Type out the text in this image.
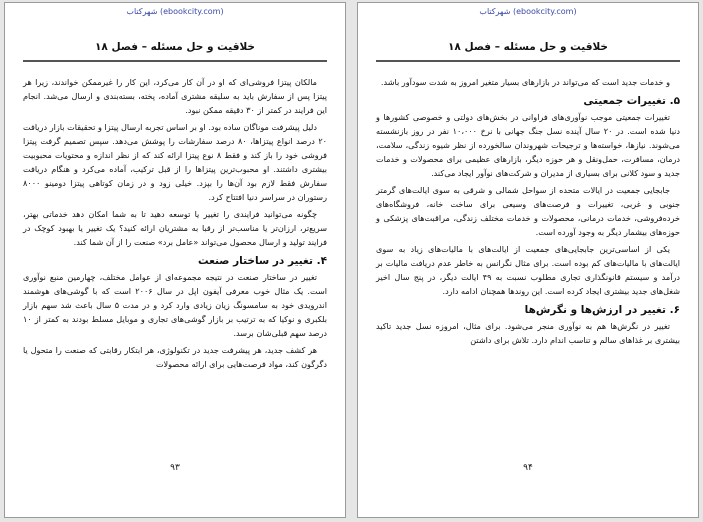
شهرکتاب (ebookcity.com)
خلاقیت و حل مسئله – فصل ۱۸

و خدمات جدید است که می‌تواند در بازارهای بسیار متغیر امروز به شدت سودآور باشد.

۵. تغییرات جمعیتی

تغییرات جمعیتی موجب نوآوری‌های فراوانی در بخش‌های دولتی و خصوصی کشورها و دنیا شده است. در ۲۰ سال آینده نسل جنگ جهانی با نرخ ۱۰،۰۰۰ نفر در روز بازنشسته می‌شوند. نیازها، خواسته‌ها و ترجیحات شهروندان سالخورده از نظر شیوه زندگی، سلامت، درمان، مسافرت، حمل‌ونقل و هر حوزه دیگر، بازارهای عظیمی برای محصولات و خدمات جدید و سود کلانی برای بسیاری از مدیران و شرکت‌های نوآور ایجاد می‌کند.

جابجایی جمعیت در ایالات متحده از سواحل شمالی و شرقی به سوی ایالت‌های گرمتر جنوبی و غربی، تغییرات و فرصت‌های وسیعی برای ساخت خانه، فروشگاه‌های خرده‌فروشی، خدمات درمانی، محصولات و خدمات مختلف زندگی، مراقبت‌های پزشکی و حوزه‌های بیشمار دیگر به وجود آورده است.

یکی از اساسی‌ترین جابجایی‌های جمعیت از ایالت‌های با مالیات‌های زیاد به سوی ایالت‌های با مالیات‌های کم بوده است. برای مثال نگرانس به خاطر عدم دریافت مالیات بر درآمد و سیستم قانونگذاری تجاری مطلوب نسبت به ۴۹ ایالت دیگر، در پنج سال اخیر شغل‌های جدید بیشتری ایجاد کرده است. این روندها همچنان ادامه دارد.

۶. تغییر در ارزش‌ها و نگرش‌ها

تغییر در نگرش‌ها هم به نوآوری منجر می‌شود. برای مثال، امروزه نسل جدید تاکید بیشتری بر غذاهای سالم و تناسب اندام دارد. تلاش برای داشتن

۹۴
شهرکتاب (ebookcity.com)
خلاقیت و حل مسئله – فصل ۱۸

مالکان پیتزا فروشی‌ای که او در آن کار می‌کرد، این کار را غیرممکن خواندند، زیرا هر پیتزا پس از سفارش باید به سلیقه مشتری آماده، پخته، بسته‌بندی و ارسال می‌شد. انجام این فرایند در کمتر از ۳۰ دقیقه ممکن نبود.

دلیل پیشرفت موناگان ساده بود. او بر اساس تجربه ارسال پیتزا و تحقیقات بازار دریافت ۲۰ درصد انواع پیتزاها، ۸۰ درصد سفارشات را پوشش می‌دهد. سپس تصمیم گرفت پیتزا فروشی خود را باز کند و فقط ۸ نوع پیتزا ارائه کند که از نظر اندازه و محتویات محبوبیت بیشتری داشتند. او محبوب‌ترین پیتزاها را از قبل ترکیب، آماده می‌کرد و هنگام دریافت سفارش فقط لازم بود آن‌ها را بپزد. خیلی زود و در زمان کوتاهی پیتزا دومینو ۸۰۰۰ رستوران در سراسر دنیا افتتاح کرد.

چگونه می‌توانید فرایندی را تغییر یا توسعه دهید تا به شما امکان دهد خدماتی بهتر، سریع‌تر، ارزان‌تر یا مناسب‌تر از رقبا به مشتریان ارائه کنید؟ یک تغییر یا بهبود کوچک در فرایند تولید و ارسال محصول می‌تواند «عامل برد» صنعت را از آن شما کند.

۴. تغییر در ساختار صنعت

تغییر در ساختار صنعت در نتیجه مجموعه‌ای از عوامل مختلف، چهارمین منبع نوآوری است. یک مثال خوب معرفی آیفون اپل در سال ۲۰۰۶ است که با گوشی‌های هوشمند اندرویدی خود به سامسونگ زیان زیادی وارد کرد و در مدت ۵ سال باعث شد سهم بازار بلکبری و نوکیا که به ترتیب بر بازار گوشی‌های تجاری و موبایل مسلط بودند به کمتر از ۱۰ درصد سهم قبلی‌شان برسد.

هر کشف جدید، هر پیشرفت جدید در تکنولوژی، هر ابتکار رقابتی که صنعت را متحول یا دگرگون کند، مواد فرصت‌هایی برای ارائه محصولات

۹۳
